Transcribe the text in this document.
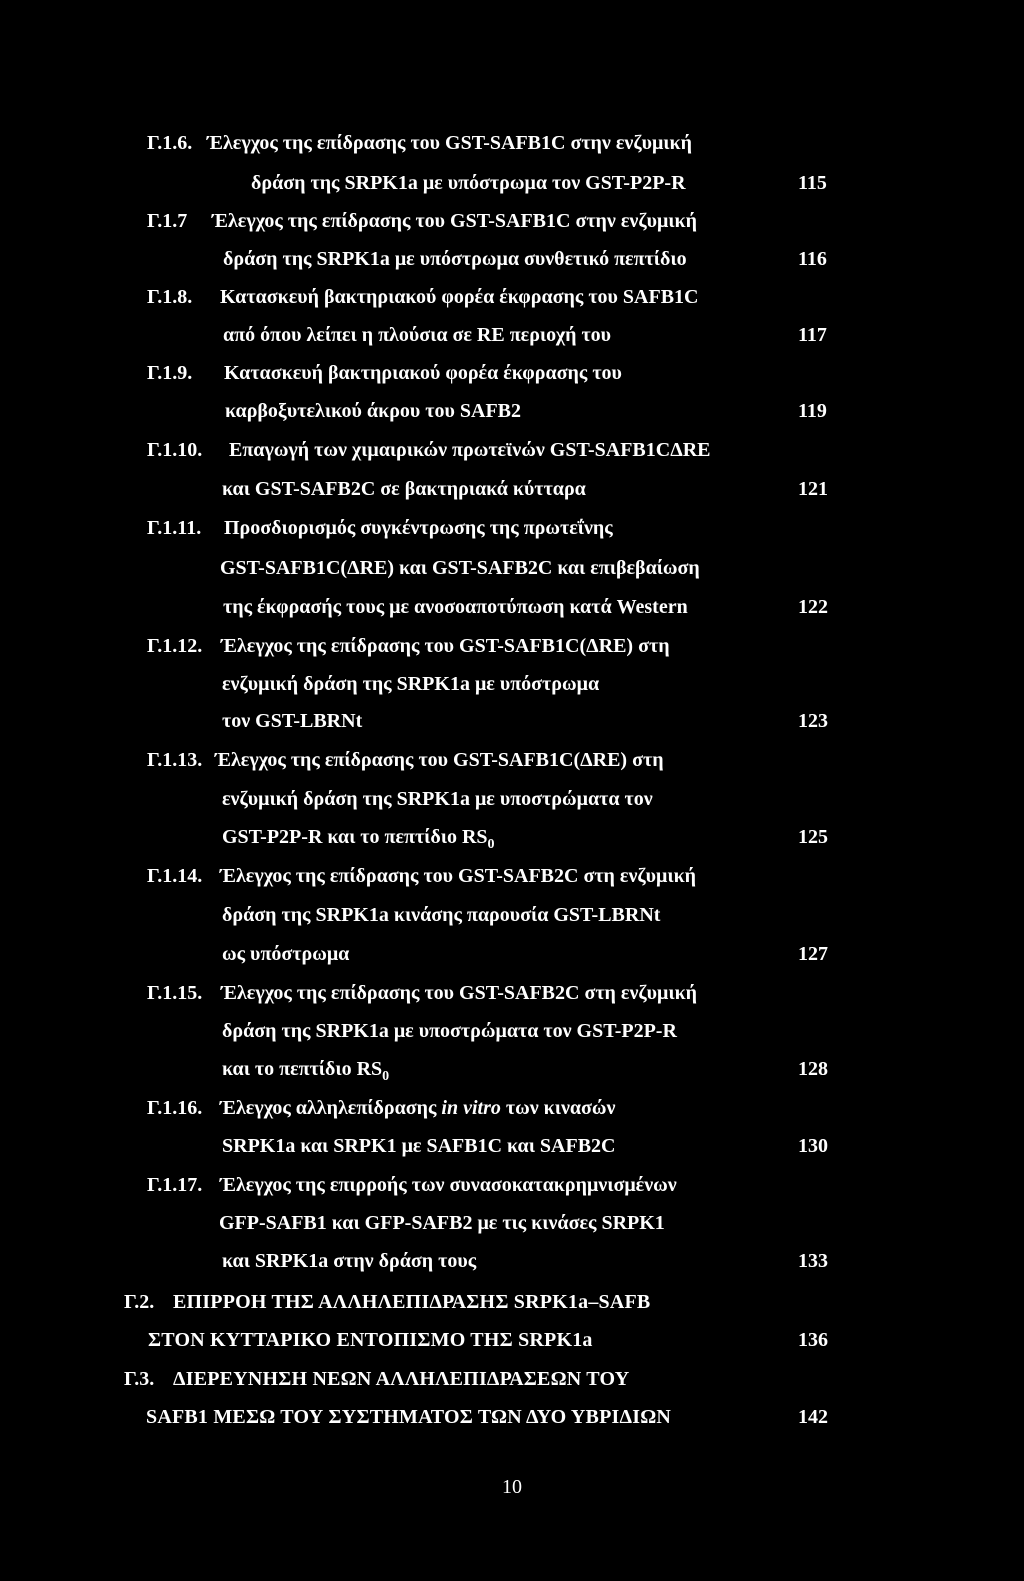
Γ.1.6. Έλεγχος της επίδρασης του GST-SAFB1C στην ενζυμική
δράση της SRPK1a με υπόστρωμα τον GST-P2P-R	115
Γ.1.7 Έλεγχος της επίδρασης του GST-SAFB1C στην ενζυμική
δράση της SRPK1a με υπόστρωμα συνθετικό πεπτίδιο	116
Γ.1.8. Κατασκευή βακτηριακού φορέα έκφρασης του SAFB1C
από όπου λείπει η πλούσια σε RE περιοχή του	117
Γ.1.9. Κατασκευή βακτηριακού φορέα έκφρασης του
καρβοξυτελικού άκρου του SAFB2	119
Γ.1.10. Επαγωγή των χιμαιρικών πρωτεϊνών GST-SAFB1CΔRE
και GST-SAFB2C σε βακτηριακά κύτταρα	121
Γ.1.11. Προσδιορισμός συγκέντρωσης της πρωτεΐνης
GST-SAFB1C(ΔRE) και GST-SAFB2C και επιβεβαίωση
της έκφρασής τους με ανοσοαποτύπωση κατά Western	122
Γ.1.12. Έλεγχος της επίδρασης του GST-SAFB1C(ΔRE) στη
ενζυμική δράση της SRPK1a με υπόστρωμα
τον GST-LBRNt	123
Γ.1.13. Έλεγχος της επίδρασης του GST-SAFB1C(ΔRE) στη
ενζυμική δράση της SRPK1a με υποστρώματα τον
GST-P2P-R και το πεπτίδιο $RS_0$	125
Γ.1.14. Έλεγχος της επίδρασης του GST-SAFB2C στη ενζυμική
δράση της SRPK1a κινάσης παρουσία GST-LBRNt
ως υπόστρωμα	127
Γ.1.15. Έλεγχος της επίδρασης του GST-SAFB2C στη ενζυμική
δράση της SRPK1a με υποστρώματα τον GST-P2P-R
και το πεπτίδιο $RS_0$	128
Γ.1.16. Έλεγχος αλληλεπίδρασης in vitro των κινασών
SRPK1a και SRPK1 με SAFB1C και SAFB2C	130
Γ.1.17. Έλεγχος της επιρροής των συνασοκατακρημνισμένων
GFP-SAFB1 και GFP-SAFB2 με τις κινάσες SRPK1
και SRPK1a στην δράση τους	133
Γ.2. ΕΠΙΡΡΟΗ ΤΗΣ ΑΛΛΗΛΕΠΙΔΡΑΣΗΣ SRPK1a–SAFB
ΣΤΟΝ ΚΥΤΤΑΡΙΚΟ ΕΝΤΟΠΙΣΜΟ ΤΗΣ SRPK1a	136
Γ.3. ΔΙΕΡΕΥΝΗΣΗ ΝΕΩΝ ΑΛΛΗΛΕΠΙΔΡΑΣΕΩΝ ΤΟΥ
SAFB1 ΜΕΣΩ ΤΟΥ ΣΥΣΤΗΜΑΤΟΣ ΤΩΝ ΔΥΟ ΥΒΡΙΔΙΩΝ	142
10
